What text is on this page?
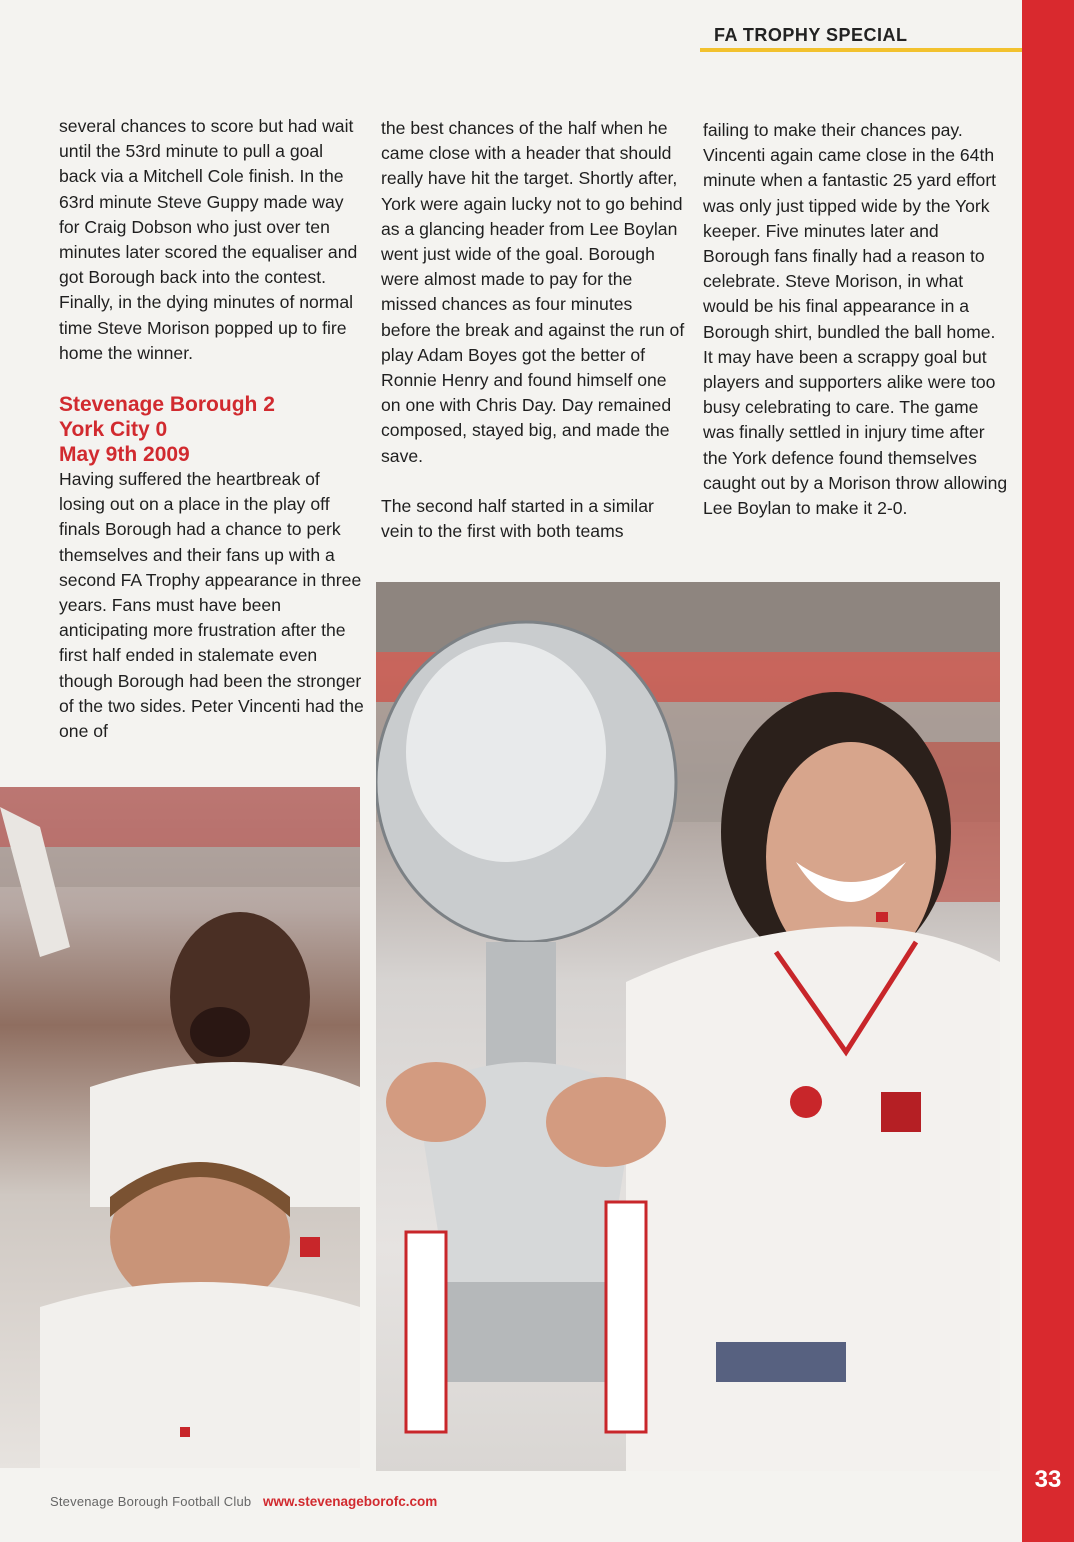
FA TROPHY SPECIAL

several chances to score but had wait until the 53rd minute to pull a goal back via a Mitchell Cole finish. In the 63rd minute Steve Guppy made way for Craig Dobson who just over ten minutes later scored the equaliser and got Borough back into the contest. Finally, in the dying minutes of normal time Steve Morison popped up to fire home the winner.

Stevenage Borough 2
York City 0
May 9th 2009

Having suffered the heartbreak of losing out on a place in the play off finals Borough had a chance to perk themselves and their fans up with a second FA Trophy appearance in three years. Fans must have been anticipating more frustration after the first half ended in stalemate even though Borough had been the stronger of the two sides. Peter Vincenti had the one of

the best chances of the half when he came close with a header that should really have hit the target. Shortly after, York were again lucky not to go behind as a glancing header from Lee Boylan went just wide of the goal. Borough were almost made to pay for the missed chances as four minutes before the break and against the run of play Adam Boyes got the better of Ronnie Henry and found himself one on one with Chris Day. Day remained composed, stayed big, and made the save.

The second half started in a similar vein to the first with both teams

failing to make their chances pay. Vincenti again came close in the 64th minute when a fantastic 25 yard effort was only just tipped wide by the York keeper. Five minutes later and Borough fans finally had a reason to celebrate. Steve Morison, in what would be his final appearance in a Borough shirt, bundled the ball home. It may have been a scrappy goal but players and supporters alike were too busy celebrating to care. The game was finally settled in injury time after the York defence found themselves caught out by a Morison throw allowing Lee Boylan to make it 2-0.

Stevenage Borough Football Club www.stevenageborofc.com
33
